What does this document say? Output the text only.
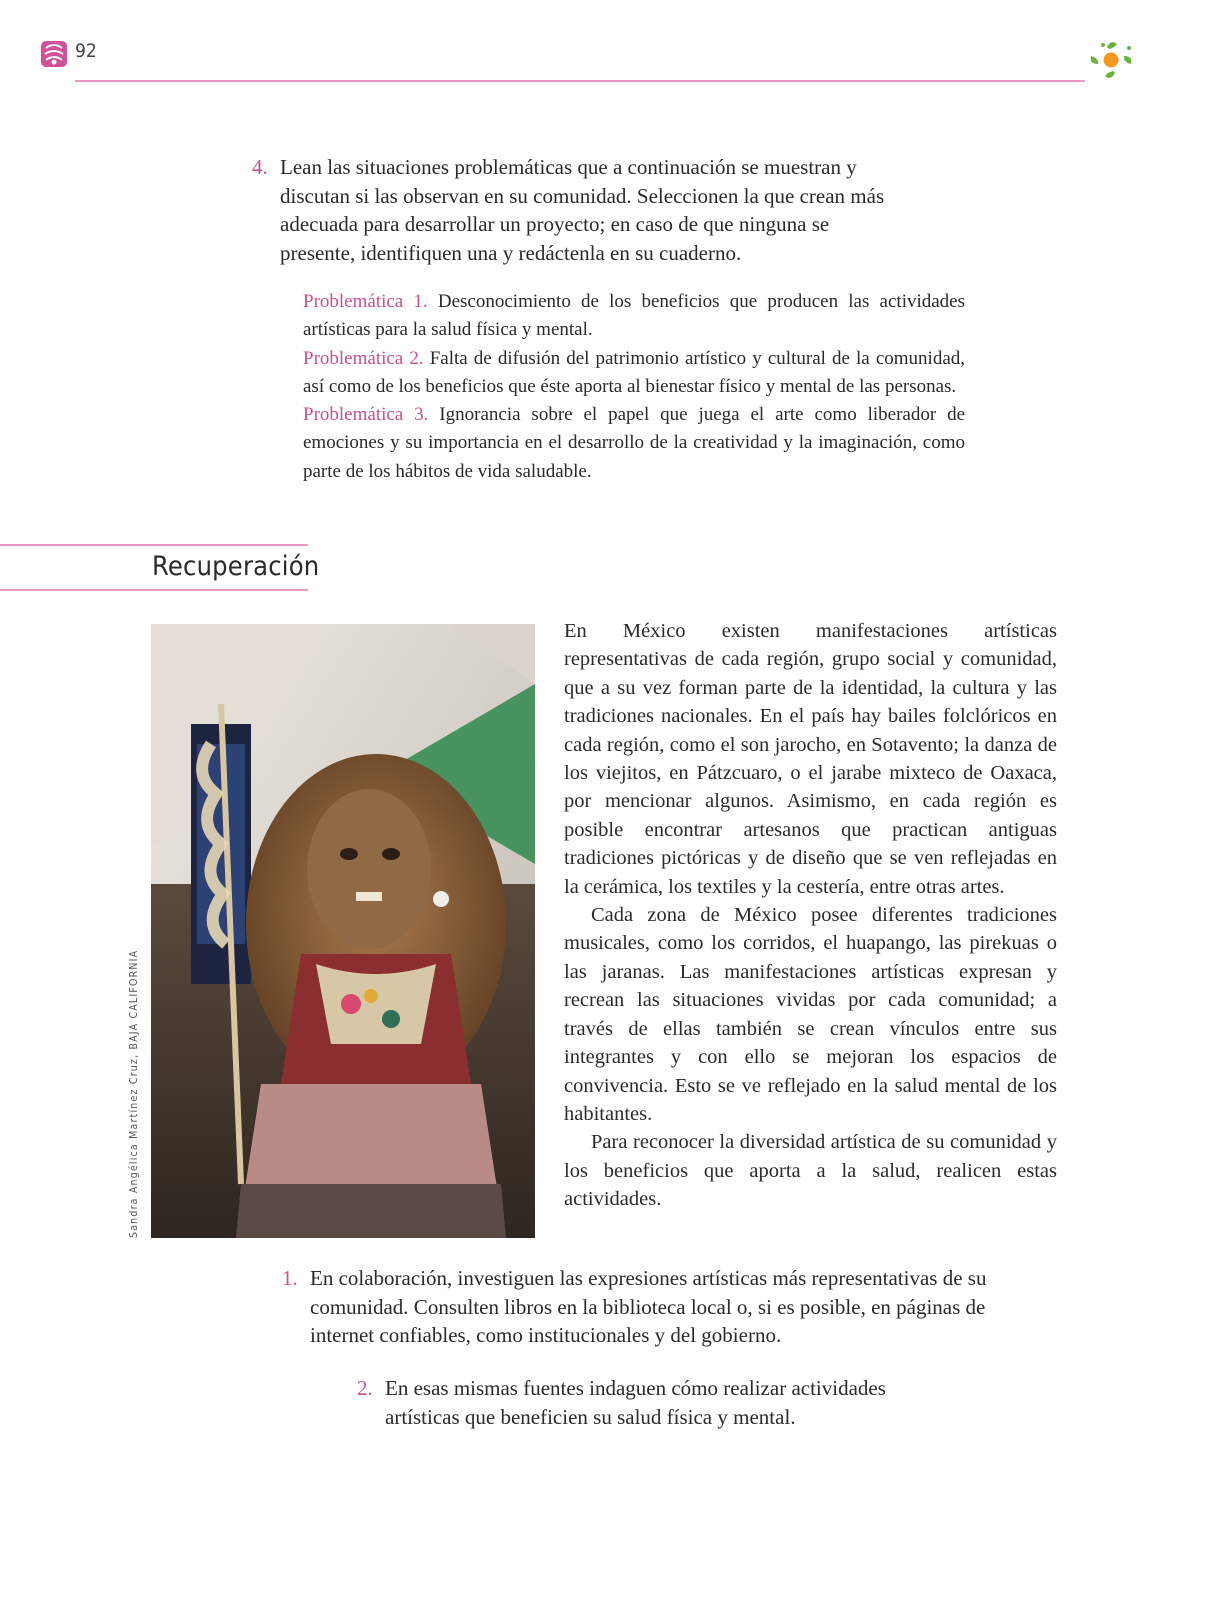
92
4. Lean las situaciones problemáticas que a continuación se muestran y discutan si las observan en su comunidad. Seleccionen la que crean más adecuada para desarrollar un proyecto; en caso de que ninguna se presente, identifiquen una y redáctenla en su cuaderno.

Problemática 1. Desconocimiento de los beneficios que producen las actividades artísticas para la salud física y mental.

Problemática 2. Falta de difusión del patrimonio artístico y cultural de la comunidad, así como de los beneficios que éste aporta al bienestar físico y mental de las personas.

Problemática 3. Ignorancia sobre el papel que juega el arte como liberador de emociones y su importancia en el desarrollo de la creatividad y la imaginación, como parte de los hábitos de vida saludable.

Recuperación
Sandra Angélica Martínez Cruz, BAJA CALIFORNIA

En México existen manifestaciones artísticas representativas de cada región, grupo social y comunidad, que a su vez forman parte de la identidad, la cultura y las tradiciones nacionales. En el país hay bailes folclóricos en cada región, como el son jarocho, en Sotavento; la danza de los viejitos, en Pátzcuaro, o el jarabe mixteco de Oaxaca, por mencionar algunos. Asimismo, en cada región es posible encontrar artesanos que practican antiguas tradiciones pictóricas y de diseño que se ven reflejadas en la cerámica, los textiles y la cestería, entre otras artes.

Cada zona de México posee diferentes tradiciones musicales, como los corridos, el huapango, las pirekuas o las jaranas. Las manifestaciones artísticas expresan y recrean las situaciones vividas por cada comunidad; a través de ellas también se crean vínculos entre sus integrantes y con ello se mejoran los espacios de convivencia. Esto se ve reflejado en la salud mental de los habitantes.

Para reconocer la diversidad artística de su comunidad y los beneficios que aporta a la salud, realicen estas actividades.

1. En colaboración, investiguen las expresiones artísticas más representativas de su comunidad. Consulten libros en la biblioteca local o, si es posible, en páginas de internet confiables, como institucionales y del gobierno.
2. En esas mismas fuentes indaguen cómo realizar actividades artísticas que beneficien su salud física y mental.
